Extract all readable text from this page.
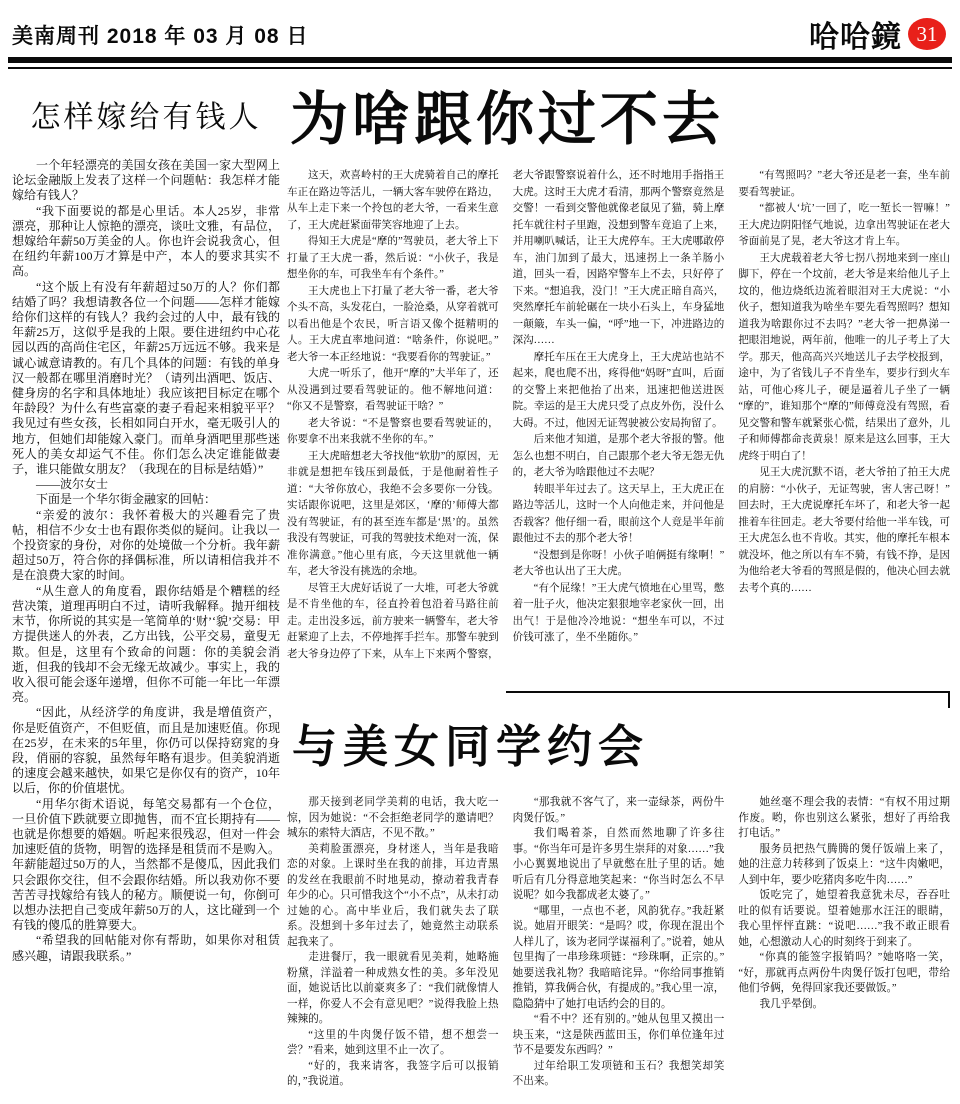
美南周刊 2018 年 03 月 08 日	哈哈鏡 31
怎样嫁给有钱人

一个年轻漂亮的美国女孩在美国一家大型网上论坛金融版上发表了这样一个问题帖：我怎样才能嫁给有钱人？

“我下面要说的都是心里话。本人25岁，非常漂亮，那种让人惊艳的漂亮，谈吐文雅，有品位，想嫁给年薪50万美金的人。你也许会说我贪心，但在纽约年薪100万才算是中产，本人的要求其实不高。

“这个版上有没有年薪超过50万的人？你们都结婚了吗？我想请教各位一个问题——怎样才能嫁给你们这样的有钱人？我约会过的人中，最有钱的年薪25万，这似乎是我的上限。要住进纽约中心花园以西的高尚住宅区，年薪25万远远不够。我来是诚心诚意请教的。有几个具体的问题：有钱的单身汉一般都在哪里消磨时光？（请列出酒吧、饭店、健身房的名字和具体地址）我应该把目标定在哪个年龄段？为什么有些富豪的妻子看起来相貌平平？我见过有些女孩，长相如同白开水，毫无吸引人的地方，但她们却能嫁入豪门。而单身酒吧里那些迷死人的美女却运气不佳。你们怎么决定谁能做妻子，谁只能做女朋友？（我现在的目标是结婚）”

——波尔女士

下面是一个华尔街金融家的回帖：

“亲爱的波尔：我怀着极大的兴趣看完了贵帖，相信不少女士也有跟你类似的疑问。让我以一个投资家的身份，对你的处境做一个分析。我年薪超过50万，符合你的择偶标准，所以请相信我并不是在浪费大家的时间。

“从生意人的角度看，跟你结婚是个糟糕的经营决策，道理再明白不过，请听我解释。抛开细枝末节，你所说的其实是一笔简单的‘财’‘貌’交易：甲方提供迷人的外表，乙方出钱，公平交易，童叟无欺。但是，这里有个致命的问题：你的美貌会消逝，但我的钱却不会无缘无故减少。事实上，我的收入很可能会逐年递增，但你不可能一年比一年漂亮。

“因此，从经济学的角度讲，我是增值资产，你是贬值资产，不但贬值，而且是加速贬值。你现在25岁，在未来的5年里，你仍可以保持窈窕的身段，俏丽的容貌，虽然每年略有退步。但美貌消逝的速度会越来越快，如果它是你仅有的资产，10年以后，你的价值堪忧。

“用华尔街术语说，每笔交易都有一个仓位，一旦价值下跌就要立即抛售，而不宜长期持有——也就是你想要的婚姻。听起来很残忍，但对一件会加速贬值的货物，明智的选择是租赁而不是购入。年薪能超过50万的人，当然都不是傻瓜，因此我们只会跟你交往，但不会跟你结婚。所以我劝你不要苦苦寻找嫁给有钱人的秘方。顺便说一句，你倒可以想办法把自己变成年薪50万的人，这比碰到一个有钱的傻瓜的胜算要大。

“希望我的回帖能对你有帮助，如果你对租赁感兴趣，请跟我联系。”

为啥跟你过不去

这天，欢喜岭村的王大虎骑着自己的摩托车正在路边等活儿，一辆大客车驶停在路边，从车上走下来一个拎包的老大爷，一看来生意了，王大虎赶紧面带笑容地迎了上去。

得知王大虎是“摩的”驾驶员，老大爷上下打量了王大虎一番，然后说：“小伙子，我是想坐你的车，可我坐车有个条件。”

王大虎也上下打量了老大爷一番，老大爷个头不高，头发花白，一脸沧桑，从穿着就可以看出他是个农民，听言语又像个挺精明的人。王大虎直率地问道：“啥条件，你说吧。”老大爷一本正经地说：“我要看你的驾驶证。”

大虎一听乐了，他开“摩的”大半年了，还从没遇到过要看驾驶证的。他不解地问道：“你又不是警察，看驾驶证干啥？”

老大爷说：“不是警察也要看驾驶证的，你要拿不出来我就不坐你的车。”

王大虎暗想老大爷找他“软肋”的原因，无非就是想把车钱压到最低，于是他耐着性子道：“大爷你放心，我绝不会多要你一分钱。实话跟你说吧，这里是郊区，‘摩的’师傅大都没有驾驶证，有的甚至连车都是‘黑’的。虽然我没有驾驶证，可我的驾驶技术绝对一流，保准你满意。”他心里有底，今天这里就他一辆车，老大爷没有挑选的余地。

尽管王大虎好话说了一大堆，可老大爷就是不肯坐他的车，径直拎着包沿着马路往前走。走出没多远，前方驶来一辆警车，老大爷赶紧迎了上去，不停地挥手拦车。那警车驶到老大爷身边停了下来，从车上下来两个警察，老大爷跟警察说着什么，还不时地用手指指王大虎。这时王大虎才看清，那两个警察竟然是交警！一看到交警他就像老鼠见了猫，骑上摩托车就往村子里跑，没想到警车竟追了上来，并用喇叭喊话，让王大虎停车。王大虎哪敢停车，油门加到了最大，迅速拐上一条羊肠小道，回头一看，因路窄警车上不去，只好停了下来。“想追我，没门！”王大虎正暗自高兴，突然摩托车前轮碾在一块小石头上，车身猛地一颠簸，车头一偏，“呼”地一下，冲进路边的深沟……

摩托车压在王大虎身上，王大虎站也站不起来，爬也爬不出，疼得他“妈呀”直叫，后面的交警上来把他抬了出来，迅速把他送进医院。幸运的是王大虎只受了点皮外伤，没什么大碍。不过，他因无证驾驶被公安局拘留了。

后来他才知道，是那个老大爷报的警。他怎么也想不明白，自己跟那个老大爷无怨无仇的，老大爷为啥跟他过不去呢？

转眼半年过去了。这天早上，王大虎正在路边等活儿，这时一个人向他走来，并问他是否载客？他仔细一看，眼前这个人竟是半年前跟他过不去的那个老大爷！

“没想到是你呀！小伙子咱俩挺有缘啊！”老大爷也认出了王大虎。

“有个屁缘！”王大虎气愤地在心里骂，憋着一肚子火，他决定狠狠地宰老家伙一回，出出气！于是他冷冷地说：“想坐车可以，不过价钱可涨了，坐不坐随你。”

“有驾照吗？”老大爷还是老一套，坐车前要看驾驶证。

“都被人‘坑’一回了，吃一堑长一智嘛！”王大虎边阴阳怪气地说，边拿出驾驶证在老大爷面前晃了晃，老大爷这才肯上车。

王大虎载着老大爷七拐八拐地来到一座山脚下，停在一个坟前，老大爷是来给他儿子上坟的，他边烧纸边流着眼泪对王大虎说：“小伙子，想知道我为啥坐车要先看驾照吗？想知道我为啥跟你过不去吗？”老大爷一把鼻涕一把眼泪地说，两年前，他唯一的儿子考上了大学。那天，他高高兴兴地送儿子去学校报到，途中，为了省钱儿子不肯坐车，要步行到火车站，可他心疼儿子，硬是逼着儿子坐了一辆“摩的”，谁知那个“摩的”师傅竟没有驾照，看见交警和警车就紧张心慌，结果出了意外，儿子和师傅都命丧黄泉！原来是这么回事，王大虎终于明白了！

见王大虎沉默不语，老大爷拍了拍王大虎的肩膀：“小伙子，无证驾驶，害人害己呀！”回去时，王大虎说摩托车坏了，和老大爷一起推着车往回走。老大爷要付给他一半车钱，可王大虎怎么也不肯收。其实，他的摩托车根本就没坏，他之所以有车不骑，有钱不挣，是因为他给老大爷看的驾照是假的，他决心回去就去考个真的……

与美女同学约会

那天接到老同学美莉的电话，我大吃一惊，因为她说：“不会拒绝老同学的邀请吧？城东的索特大酒店，不见不散。”

美莉脸蛋漂亮，身材迷人，当年是我暗恋的对象。上课时坐在我的前排，耳边青黑的发丝在我眼前不时地晃动，撩动着我青春年少的心。只可惜我这个“小不点”，从未打动过她的心。高中毕业后，我们就失去了联系。没想到十多年过去了，她竟然主动联系起我来了。

走进餐厅，我一眼就看见美莉，她略施粉黛，洋溢着一种成熟女性的美。多年没见面，她说话比以前豪爽多了：“我们就像情人一样，你爱人不会有意见吧？”说得我脸上热辣辣的。

“这里的牛肉煲仔饭不错，想不想尝一尝？”看来，她到这里不止一次了。

“好的，我来请客，我签字后可以报销的，”我说道。

“那我就不客气了，来一壶绿茶，两份牛肉煲仔饭。”

我们喝着茶，自然而然地聊了许多往事。“你当年可是许多男生崇拜的对象……”我小心翼翼地说出了早就憋在肚子里的话。她听后有几分得意地笑起来：“你当时怎么不早说呢？如今我都成老太婆了。”

“哪里，一点也不老，风韵犹存。”我赶紧说。她眉开眼笑：“是吗？哎，你现在混出个人样儿了，该为老同学谋福利了。”说着，她从包里掏了一串珍珠项链：“珍珠啊，正宗的。”她要送我礼物？我暗暗诧异。“你给同事推销推销，算我俩合伙，有提成的。”我心里一凉，隐隐猜中了她打电话约会的目的。

“看不中？还有别的。”她从包里又摸出一块玉来，“这是陕西蓝田玉，你们单位逢年过节不是要发东西吗？”

过年给职工发项链和玉石？我想笑却笑不出来。

她丝毫不理会我的表情：“有权不用过期作废。哟，你也别这么紧张，想好了再给我打电话。”

服务员把热气腾腾的煲仔饭端上来了，她的注意力转移到了饭桌上：“这牛肉嫩吧，人到中年，要少吃猪肉多吃牛肉……”

饭吃完了，她望着我意犹未尽，吞吞吐吐的似有话要说。望着她那水汪汪的眼睛，我心里怦怦直跳：“说吧……”我不敢正眼看她，心想激动人心的时刻终于到来了。

“你真的能签字报销吗？”她咯咯一笑，“好，那就再点两份牛肉煲仔饭打包吧，带给他们爷俩，免得回家我还要做饭。”

我几乎晕倒。
